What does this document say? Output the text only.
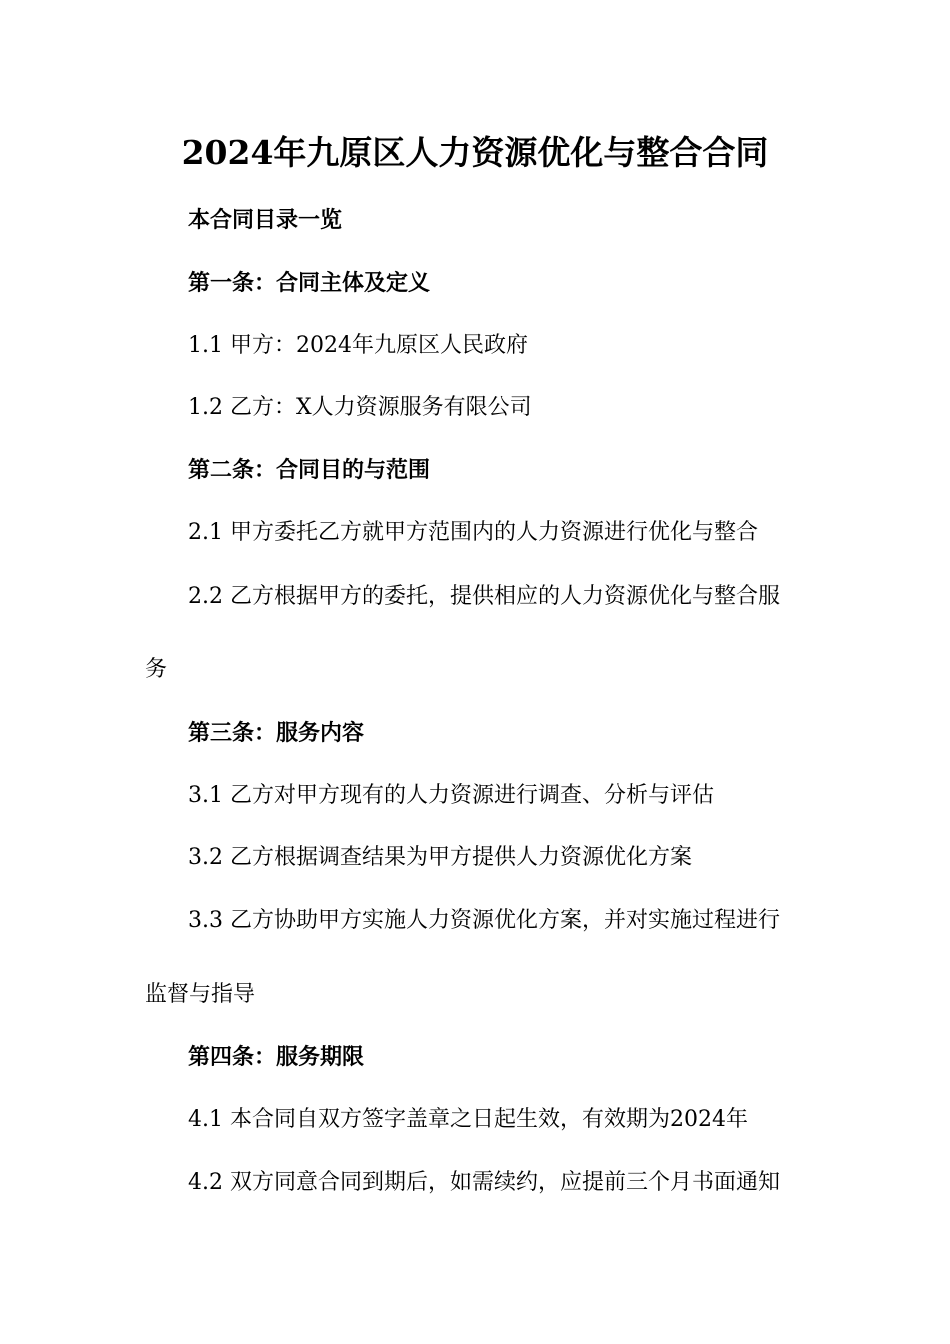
2024年九原区人力资源优化与整合合同
本合同目录一览
第一条：合同主体及定义
1.1 甲方：2024年九原区人民政府
1.2 乙方：X人力资源服务有限公司
第二条：合同目的与范围
2.1 甲方委托乙方就甲方范围内的人力资源进行优化与整合
2.2 乙方根据甲方的委托，提供相应的人力资源优化与整合服
务
第三条：服务内容
3.1 乙方对甲方现有的人力资源进行调查、分析与评估
3.2 乙方根据调查结果为甲方提供人力资源优化方案
3.3 乙方协助甲方实施人力资源优化方案，并对实施过程进行
监督与指导
第四条：服务期限
4.1 本合同自双方签字盖章之日起生效，有效期为2024年
4.2 双方同意合同到期后，如需续约，应提前三个月书面通知
